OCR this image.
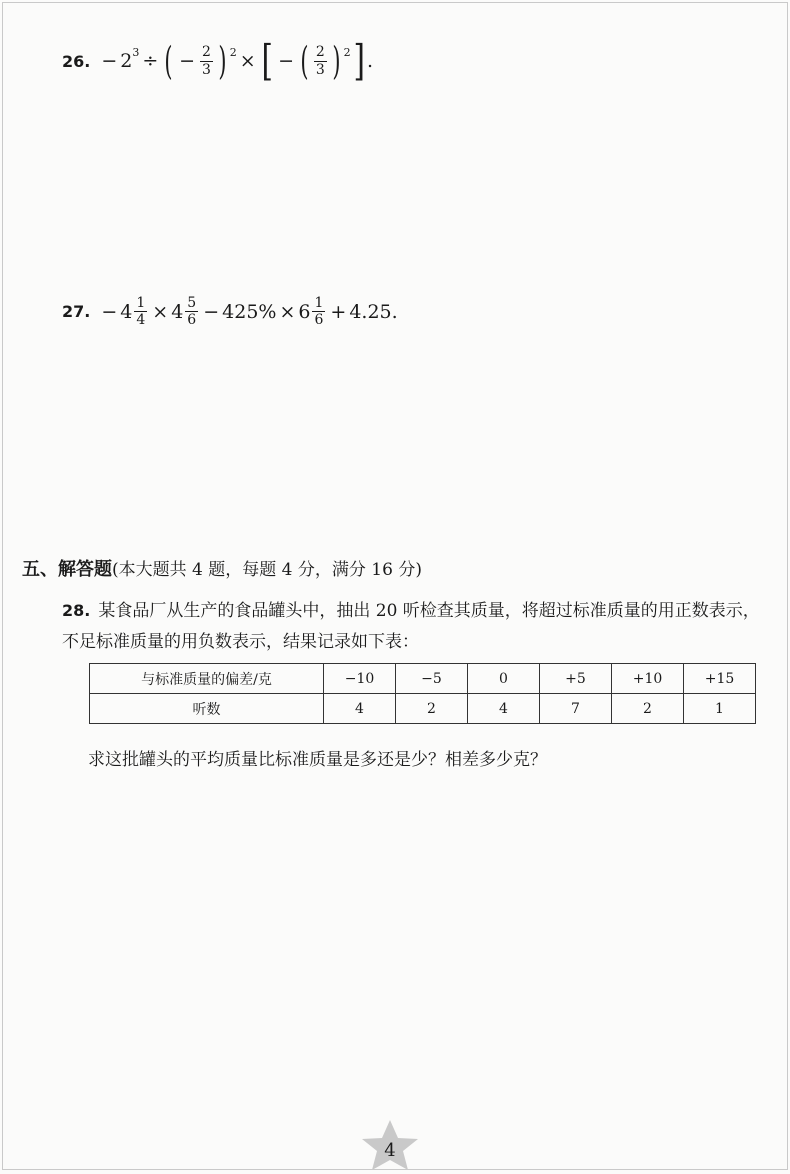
26. − 2 3 ÷ ( − $\frac{2}{3}$ ) 2 × [ − ( $\frac{2}{3}$ ) 2 ] .
27. − $4 \frac{1}{4} \times 4 \frac{5}{6} - 425\% \times 6 \frac{1}{6} + 4.25$ .
五、解答题(本大题共 4 题，每题 4 分，满分 16 分)
28. 某食品厂从生产的食品罐头中，抽出 20 听检查其质量，将超过标准质量的用正数表示，不足标准质量的用负数表示，结果记录如下表：
与标准质量的偏差/克	−10	−5	0	+5	+10	+15
听数	4	2	4	7	2	1
求这批罐头的平均质量比标准质量是多还是少？相差多少克？
4
